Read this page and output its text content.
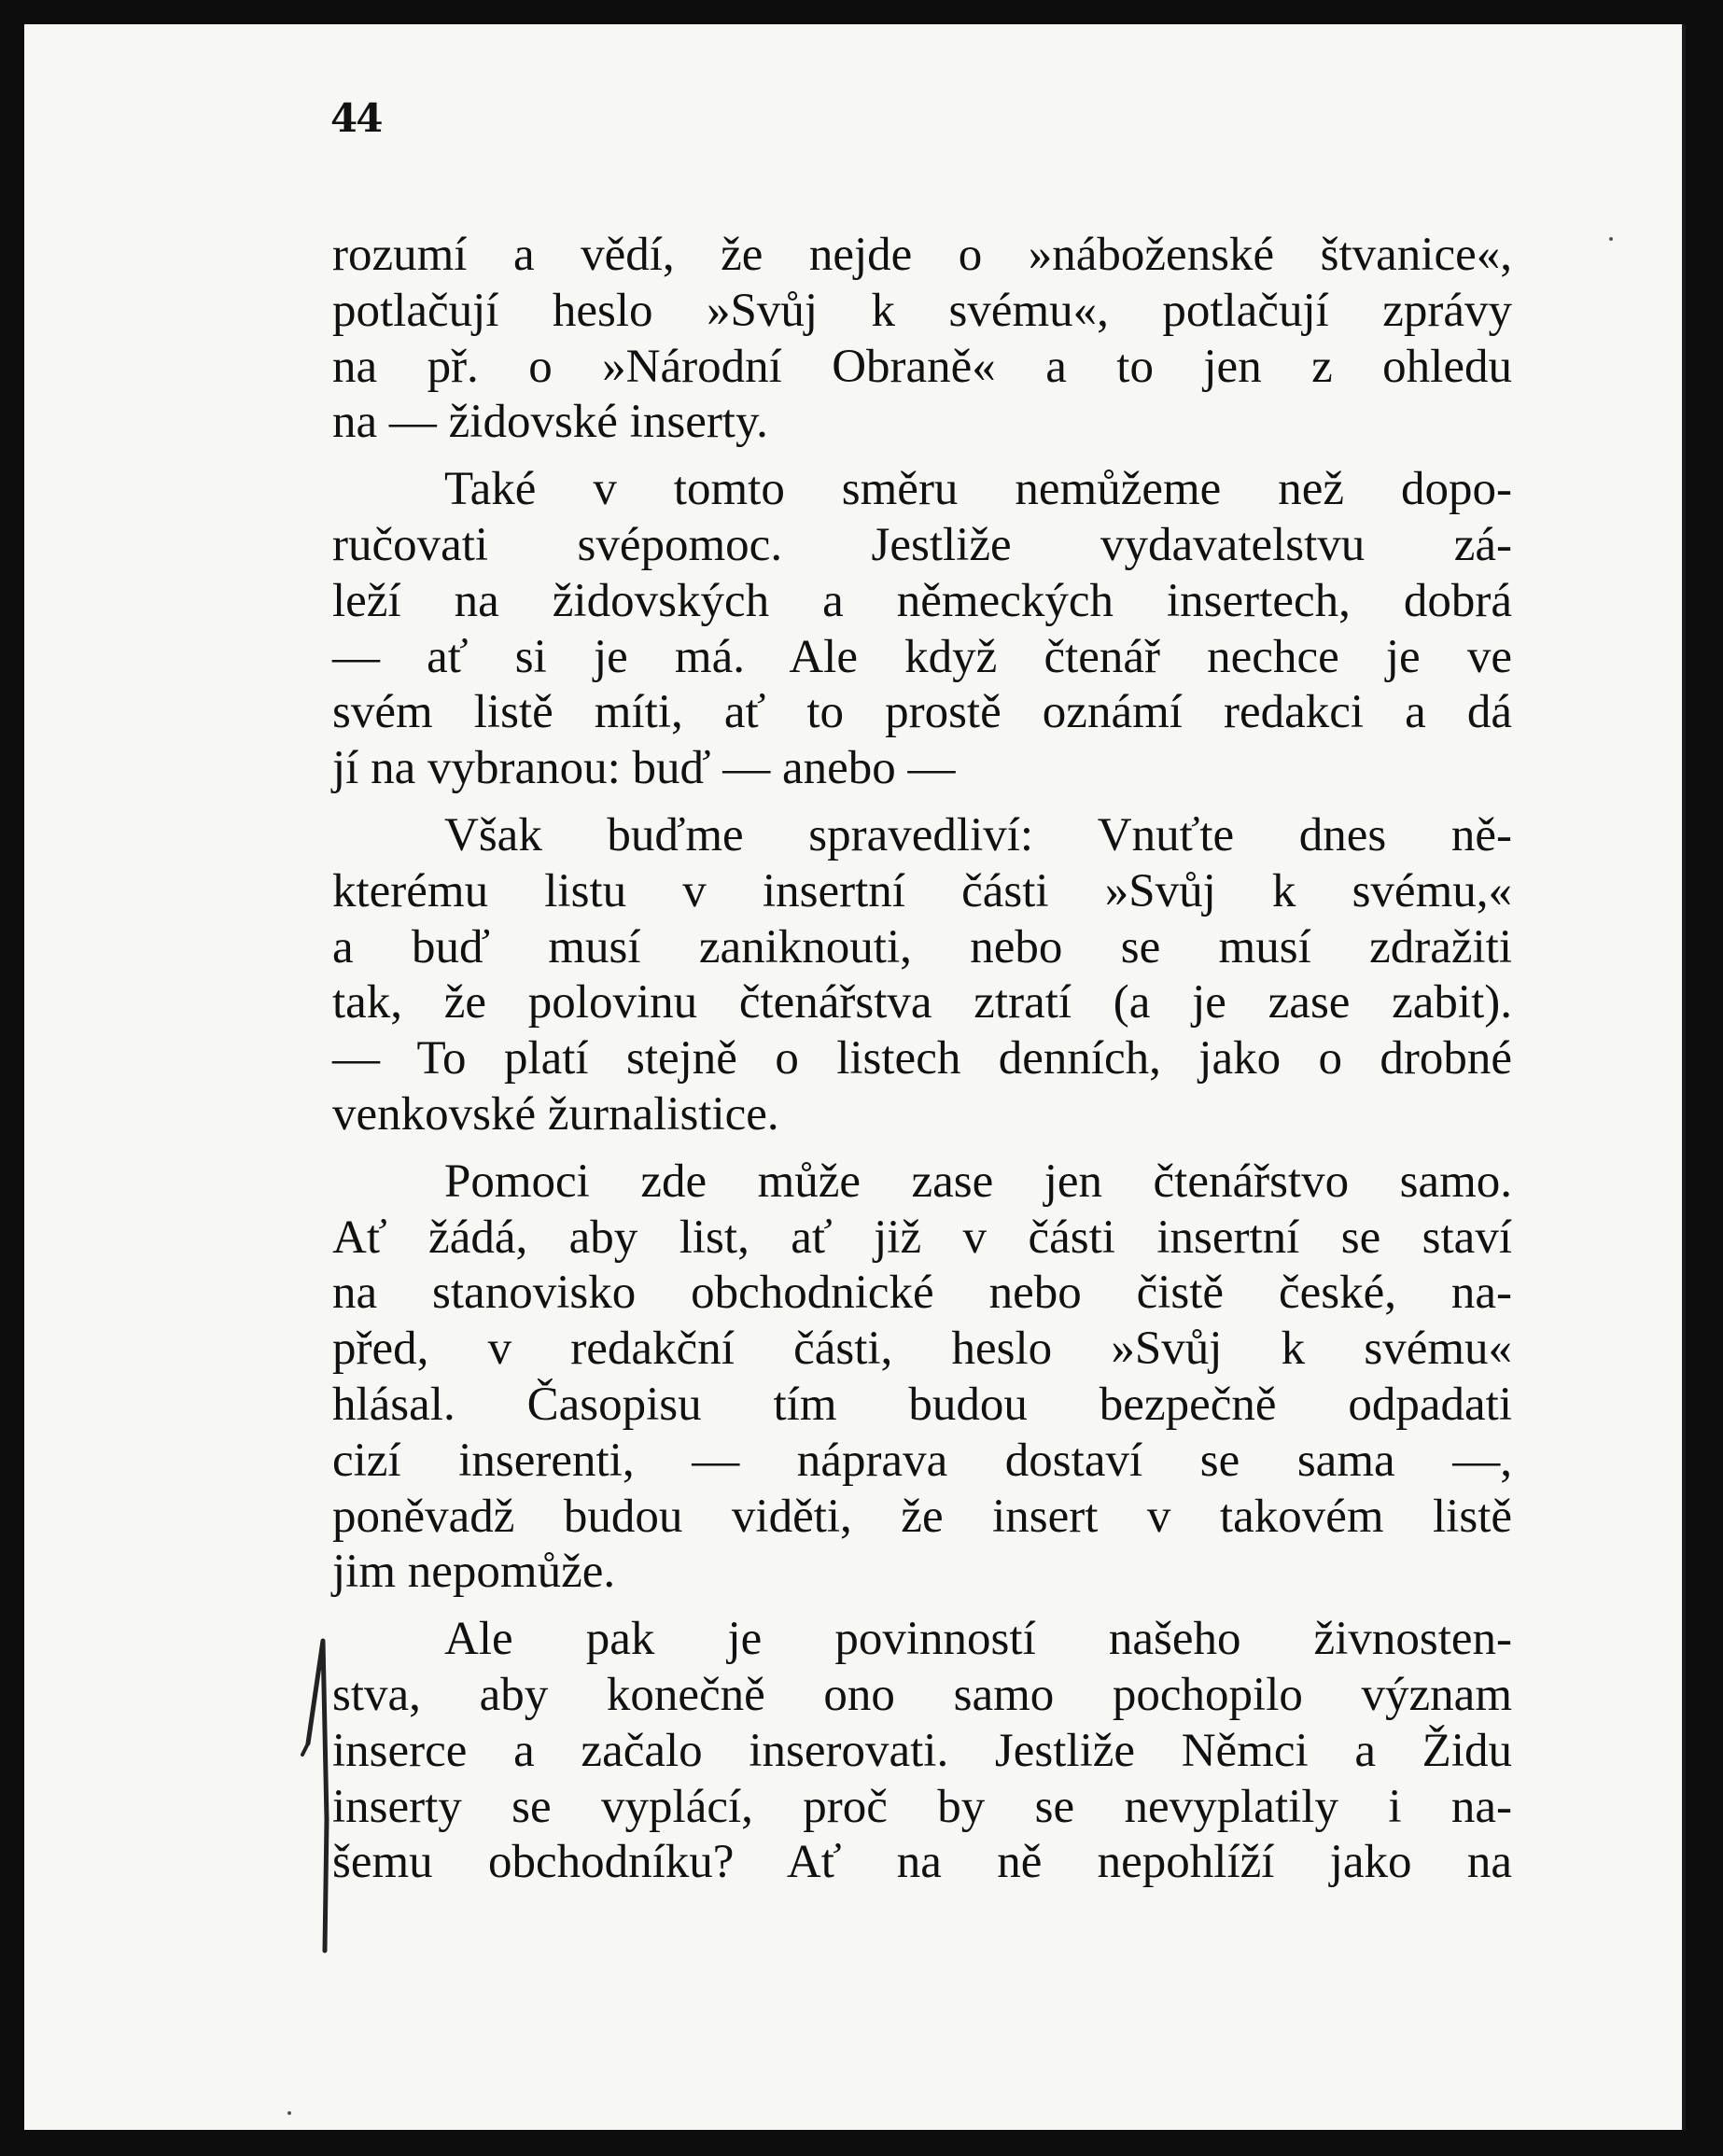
44
rozumí a vědí, že nejde o »náboženské štvanice«,
potlačují heslo »Svůj k svému«, potlačují zprávy
na př. o »Národní Obraně« a to jen z ohledu
na — židovské inserty.
Také v tomto směru nemůžeme než dopo-
ručovati svépomoc. Jestliže vydavatelstvu zá-
leží na židovských a německých insertech, dobrá
— ať si je má. Ale když čtenář nechce je ve
svém listě míti, ať to prostě oznámí redakci a dá
jí na vybranou: buď — anebo —
Však buďme spravedliví: Vnuťte dnes ně-
kterému listu v insertní části »Svůj k svému,«
a buď musí zaniknouti, nebo se musí zdražiti
tak, že polovinu čtenářstva ztratí (a je zase zabit).
— To platí stejně o listech denních, jako o drobné
venkovské žurnalistice.
Pomoci zde může zase jen čtenářstvo samo.
Ať žádá, aby list, ať již v části insertní se staví
na stanovisko obchodnické nebo čistě české, na-
před, v redakční části, heslo »Svůj k svému«
hlásal. Časopisu tím budou bezpečně odpadati
cizí inserenti, — náprava dostaví se sama —,
poněvadž budou viděti, že insert v takovém listě
jim nepomůže.
Ale pak je povinností našeho živnosten-
stva, aby konečně ono samo pochopilo význam
inserce a začalo inserovati. Jestliže Němci a Židu
inserty se vyplácí, proč by se nevyplatily i na-
šemu obchodníku? Ať na ně nepohlíží jako na
